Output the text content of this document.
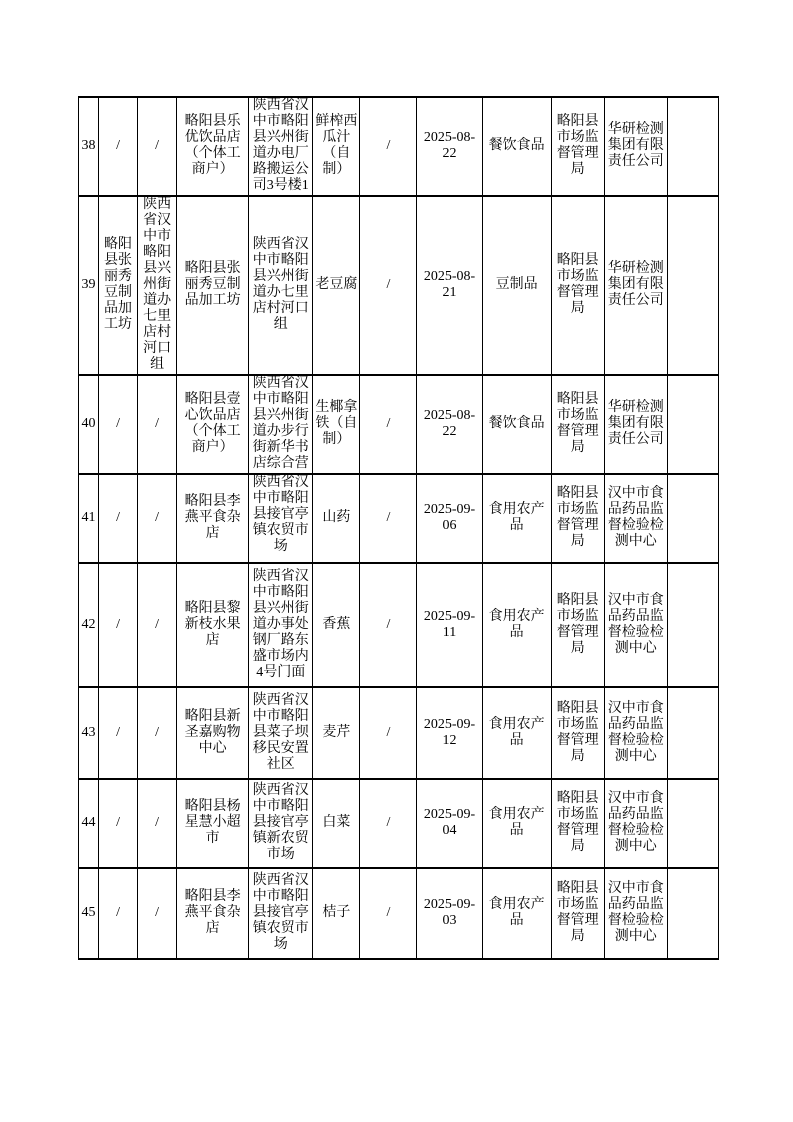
38	/	/	略阳县乐优饮品店（个体工商户）	陕西省汉中市略阳县兴州街道办电厂路搬运公司3号楼1	鲜榨西瓜汁（自制）	/	2025-08-22	餐饮食品	略阳县市场监督管理局	华研检测集团有限责任公司	
39	略阳县张丽秀豆制品加工坊	陕西省汉中市略阳县兴州街道办七里店村河口组	略阳县张丽秀豆制品加工坊	陕西省汉中市略阳县兴州街道办七里店村河口组	老豆腐	/	2025-08-21	豆制品	略阳县市场监督管理局	华研检测集团有限责任公司	
40	/	/	略阳县壹心饮品店（个体工商户）	陕西省汉中市略阳县兴州街道办步行街新华书店综合营	生椰拿铁（自制）	/	2025-08-22	餐饮食品	略阳县市场监督管理局	华研检测集团有限责任公司	
41	/	/	略阳县李燕平食杂店	陕西省汉中市略阳县接官亭镇农贸市场	山药	/	2025-09-06	食用农产品	略阳县市场监督管理局	汉中市食品药品监督检验检测中心	
42	/	/	略阳县黎新枝水果店	陕西省汉中市略阳县兴州街道办事处钢厂路东盛市场内4号门面	香蕉	/	2025-09-11	食用农产品	略阳县市场监督管理局	汉中市食品药品监督检验检测中心	
43	/	/	略阳县新圣嘉购物中心	陕西省汉中市略阳县菜子坝移民安置社区	麦芹	/	2025-09-12	食用农产品	略阳县市场监督管理局	汉中市食品药品监督检验检测中心	
44	/	/	略阳县杨星慧小超市	陕西省汉中市略阳县接官亭镇新农贸市场	白菜	/	2025-09-04	食用农产品	略阳县市场监督管理局	汉中市食品药品监督检验检测中心	
45	/	/	略阳县李燕平食杂店	陕西省汉中市略阳县接官亭镇农贸市场	桔子	/	2025-09-03	食用农产品	略阳县市场监督管理局	汉中市食品药品监督检验检测中心	
